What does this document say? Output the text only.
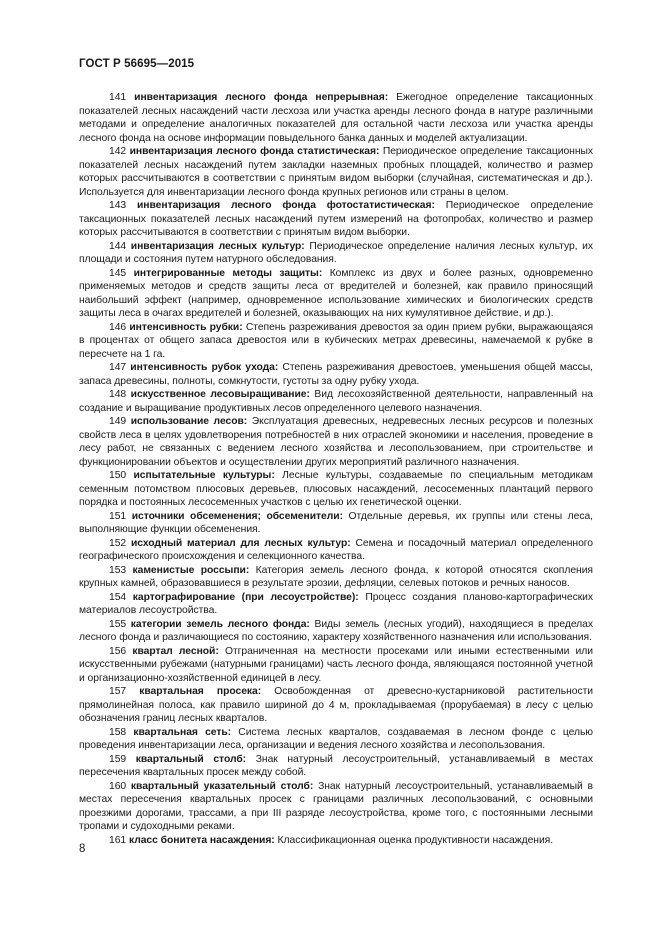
ГОСТ Р 56695—2015

141 инвентаризация лесного фонда непрерывная: Ежегодное определение таксационных показателей лесных насаждений части лесхоза или участка аренды лесного фонда в натуре различными методами и определение аналогичных показателей для остальной части лесхоза или участка аренды лесного фонда на основе информации повыдельного банка данных и моделей актуализации.

142 инвентаризация лесного фонда статистическая: Периодическое определение таксационных показателей лесных насаждений путем закладки наземных пробных площадей, количество и размер которых рассчитываются в соответствии с принятым видом выборки (случайная, систематическая и др.). Используется для инвентаризации лесного фонда крупных регионов или страны в целом.

143 инвентаризация лесного фонда фотостатистическая: Периодическое определение таксационных показателей лесных насаждений путем измерений на фотопробах, количество и размер которых рассчитываются в соответствии с принятым видом выборки.

144 инвентаризация лесных культур: Периодическое определение наличия лесных культур, их площади и состояния путем натурного обследования.

145 интегрированные методы защиты: Комплекс из двух и более разных, одновременно применяемых методов и средств защиты леса от вредителей и болезней, как правило приносящий наибольший эффект (например, одновременное использование химических и биологических средств защиты леса в очагах вредителей и болезней, оказывающих на них кумулятивное действие, и др.).

146 интенсивность рубки: Степень разреживания древостоя за один прием рубки, выражающаяся в процентах от общего запаса древостоя или в кубических метрах древесины, намечаемой к рубке в пересчете на 1 га.

147 интенсивность рубок ухода: Степень разреживания древостоев, уменьшения общей массы, запаса древесины, полноты, сомкнутости, густоты за одну рубку ухода.

148 искусственное лесовыращивание: Вид лесохозяйственной деятельности, направленный на создание и выращивание продуктивных лесов определенного целевого назначения.

149 использование лесов: Эксплуатация древесных, недревесных лесных ресурсов и полезных свойств леса в целях удовлетворения потребностей в них отраслей экономики и населения, проведение в лесу работ, не связанных с ведением лесного хозяйства и лесопользованием, при строительстве и функционировании объектов и осуществлении других мероприятий различного назначения.

150 испытательные культуры: Лесные культуры, создаваемые по специальным методикам семенным потомством плюсовых деревьев, плюсовых насаждений, лесосеменных плантаций первого порядка и постоянных лесосеменных участков с целью их генетической оценки.

151 источники обсеменения; обсеменители: Отдельные деревья, их группы или стены леса, выполняющие функции обсеменения.

152 исходный материал для лесных культур: Семена и посадочный материал определенного географического происхождения и селекционного качества.

153 каменистые россыпи: Категория земель лесного фонда, к которой относятся скопления крупных камней, образовавшиеся в результате эрозии, дефляции, селевых потоков и речных наносов.

154 картографирование (при лесоустройстве): Процесс создания планово-картографических материалов лесоустройства.

155 категории земель лесного фонда: Виды земель (лесных угодий), находящиеся в пределах лесного фонда и различающиеся по состоянию, характеру хозяйственного назначения или использования.

156 квартал лесной: Отграниченная на местности просеками или иными естественными или искусственными рубежами (натурными границами) часть лесного фонда, являющаяся постоянной учетной и организационно-хозяйственной единицей в лесу.

157 квартальная просека: Освобожденная от древесно-кустарниковой растительности прямолинейная полоса, как правило шириной до 4 м, прокладываемая (прорубаемая) в лесу с целью обозначения границ лесных кварталов.

158 квартальная сеть: Система лесных кварталов, создаваемая в лесном фонде с целью проведения инвентаризации леса, организации и ведения лесного хозяйства и лесопользования.

159 квартальный столб: Знак натурный лесоустроительный, устанавливаемый в местах пересечения квартальных просек между собой.

160 квартальный указательный столб: Знак натурный лесоустроительный, устанавливаемый в местах пересечения квартальных просек с границами различных лесопользований, с основными проезжими дорогами, трассами, а при III разряде лесоустройства, кроме того, с постоянными лесными тропами и судоходными реками.

161 класс бонитета насаждения: Классификационная оценка продуктивности насаждения.

8
